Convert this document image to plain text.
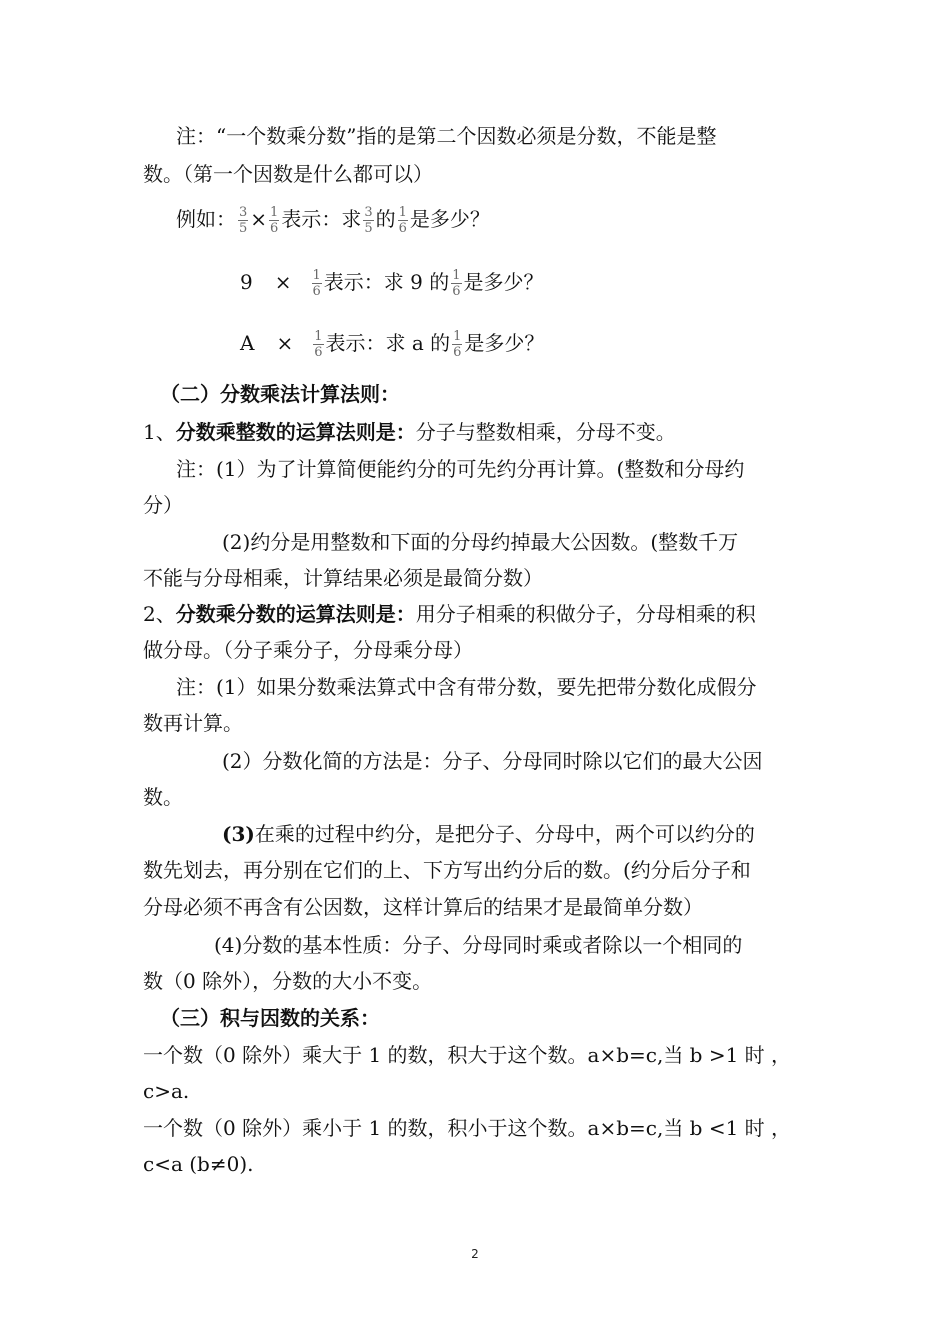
注：“一个数乘分数”指的是第二个因数必须是分数，不能是整
数。（第一个因数是什么都可以）
例如： $\frac{3}{5} \times \frac{1}{6}$ 表示：求 $\frac{3}{5}$ 的 $\frac{1}{6}$ 是多少？
$9 \times \frac{1}{6}$ 表示：求 9 的 $\frac{1}{6}$ 是多少？
$A \times \frac{1}{6}$ 表示：求 a 的 $\frac{1}{6}$ 是多少？
（二）分数乘法计算法则：
1、分数乘整数的运算法则是：分子与整数相乘，分母不变。
注：(1）为了计算简便能约分的可先约分再计算。(整数和分母约
分）
(2)约分是用整数和下面的分母约掉最大公因数。(整数千万
不能与分母相乘，计算结果必须是最简分数）
2、分数乘分数的运算法则是：用分子相乘的积做分子，分母相乘的积
做分母。（分子乘分子，分母乘分母）
注：(1）如果分数乘法算式中含有带分数，要先把带分数化成假分
数再计算。
(2）分数化简的方法是：分子、分母同时除以它们的最大公因
数。
(3)在乘的过程中约分，是把分子、分母中，两个可以约分的
数先划去，再分别在它们的上、下方写出约分后的数。(约分后分子和
分母必须不再含有公因数，这样计算后的结果才是最简单分数）
(4)分数的基本性质：分子、分母同时乘或者除以一个相同的
数（0 除外），分数的大小不变。
（三）积与因数的关系：
一个数（0 除外）乘大于 1 的数，积大于这个数。a×b=c,当 b >1 时 ，
c>a.
一个数（0 除外）乘小于 1 的数，积小于这个数。a×b=c,当 b <1 时 ，
c<a (b≠0).
2
